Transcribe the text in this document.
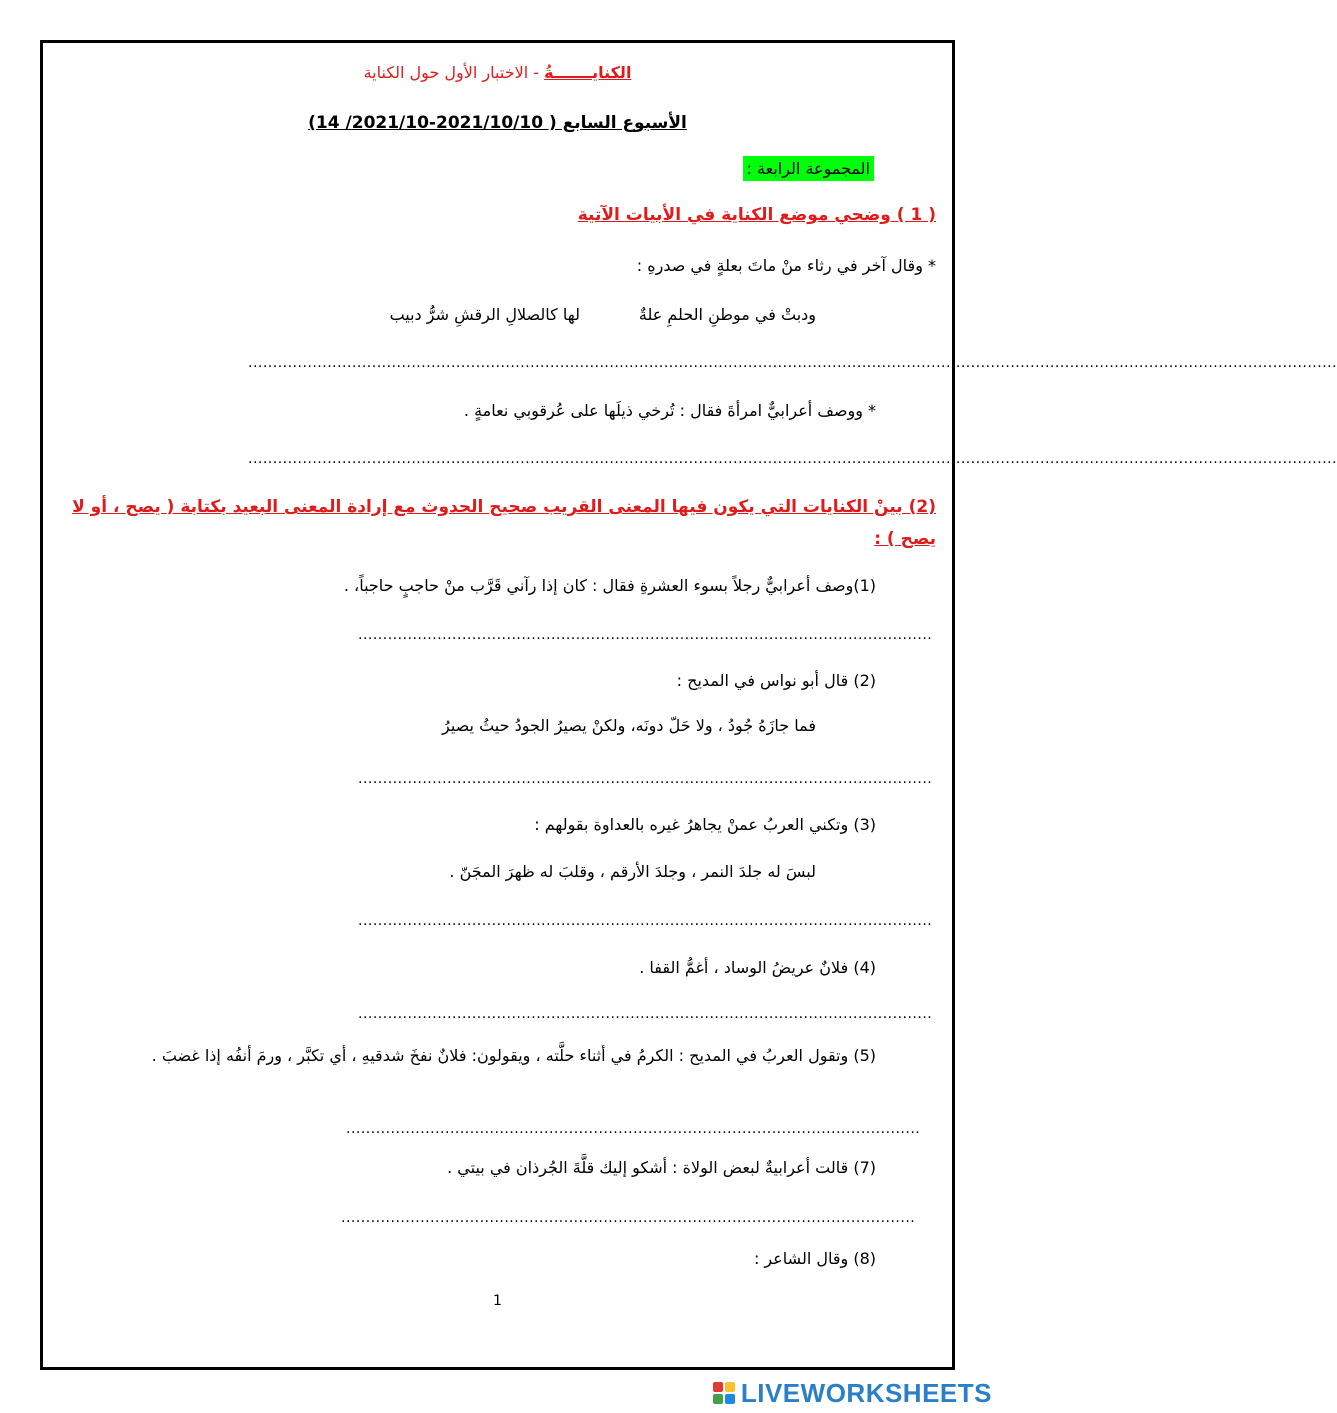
الكنايـــــــةُ - الاختبار الأول حول الكناية
الأسبوع السابع ( 2021/10/10-2021/10/ 14)
المجموعة الرابعة :
( 1 ) وضحي موضع الكناية في الأبيات الآتية
* وقال آخر في رثاء منْ ماتَ بعلةٍ في صدرهِ :
ودبتْ في موطنِ الحلمِ علةٌ
لها كالصلالِ الرقشِ شرُّ دبيب
............................................................................................................................................................................................................................
* ووصف أعرابيٌّ امرأةَ فقال : تُرخي ذيلَها على عُرقوبي نعامةٍ .
............................................................................................................................................................................................................................
(2) بينْ الكنايات التي يكون فيها المعنى القريب صحيح الحدوث مع إرادة المعنى البعيد بكتابة ( يصح ، أو لا يصح ) :
(1)وصف أعرابيٌّ رجلاً بسوء العشرةِ فقال : كان إذا رآني قَرَّب منْ حاجبٍ حاجباً، .
....................................................................................................................
(2) قال أبو نواس في المديح :
فما جازَهُ جُودُ ، ولا حَلّ دونَه، ولكنْ يصيرُ الجودُ حيثُ يصيرُ
....................................................................................................................
(3) وتكني العربُ عمنْ يجاهرُ غيره بالعداوة بقولهم :
لبسَ له جلدَ النمر ، وجلدَ الأرقم ، وقلبَ له ظهرَ المجَنّ .
....................................................................................................................
(4) فلانٌ عريضُ الوساد ، أغمُّ القفا .
....................................................................................................................
(5) وتقول العربُ في المديح : الكرمُ في أثناء حلَّته ، ويقولون: فلانٌ نفخَ شدقيهِ ، أي تكبَّر ، ورمَ أنفُه إذا غضبَ .
....................................................................................................................
(7) قالت أعرابيةٌ لبعض الولاة : أشكو إليك قلَّةَ الجُرذان في بيتي .
....................................................................................................................
(8) وقال الشاعر :
1
LIVEWORKSHEETS
